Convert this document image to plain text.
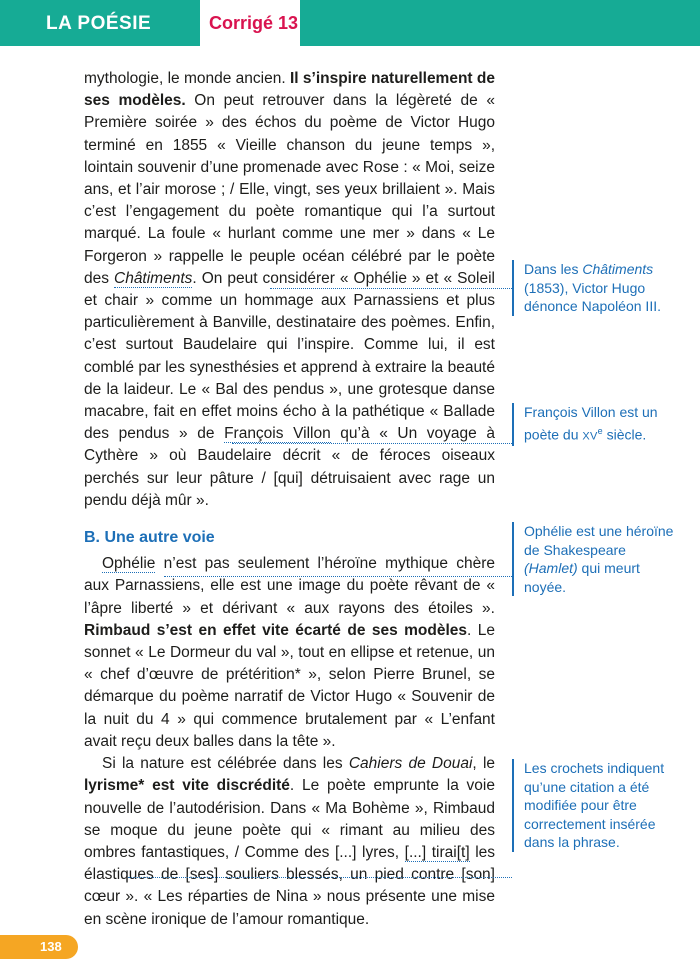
LA POÉSIE	Corrigé 13

mythologie, le monde ancien. Il s’inspire naturellement de ses modèles. On peut retrouver dans la légèreté de « Première soirée » des échos du poème de Victor Hugo terminé en 1855 « Vieille chanson du jeune temps », lointain souvenir d’une promenade avec Rose : « Moi, seize ans, et l’air morose ; / Elle, vingt, ses yeux brillaient ». Mais c’est l’engagement du poète romantique qui l’a surtout marqué. La foule « hurlant comme une mer » dans « Le Forgeron » rappelle le peuple océan célébré par le poète des Châtiments. On peut considérer « Ophélie » et « Soleil et chair » comme un hommage aux Parnassiens et plus particulièrement à Banville, destinataire des poèmes. Enfin, c’est surtout Baudelaire qui l’inspire. Comme lui, il est comblé par les synesthésies et apprend à extraire la beauté de la laideur. Le « Bal des pendus », une grotesque danse macabre, fait en effet moins écho à la pathétique « Ballade des pendus » de François Villon qu’à « Un voyage à Cythère » où Baudelaire décrit « de féroces oiseaux perchés sur leur pâture / [qui] détruisaient avec rage un pendu déjà mûr ».

B. Une autre voie

Ophélie n’est pas seulement l’héroïne mythique chère aux Parnassiens, elle est une image du poète rêvant de « l’âpre liberté » et dérivant « aux rayons des étoiles ». Rimbaud s’est en effet vite écarté de ses modèles. Le sonnet « Le Dormeur du val », tout en ellipse et retenue, un « chef d’œuvre de prétérition* », selon Pierre Brunel, se démarque du poème narratif de Victor Hugo « Souvenir de la nuit du 4 » qui commence brutalement par « L’enfant avait reçu deux balles dans la tête ».

Si la nature est célébrée dans les Cahiers de Douai, le lyrisme* est vite discrédité. Le poète emprunte la voie nouvelle de l’autodérision. Dans « Ma Bohème », Rimbaud se moque du jeune poète qui « rimant au milieu des ombres fantastiques, / Comme des [...] lyres, [...] tirai[t] les élastiques de [ses] souliers blessés, un pied contre [son] cœur ». « Les réparties de Nina » nous présente une mise en scène ironique de l’amour romantique.

Dans les Châtiments (1853), Victor Hugo dénonce Napoléon III.
François Villon est un poète du XVe siècle.
Ophélie est une héroïne de Shakespeare (Hamlet) qui meurt noyée.
Les crochets indiquent qu’une citation a été modifiée pour être correctement insérée dans la phrase.
138
